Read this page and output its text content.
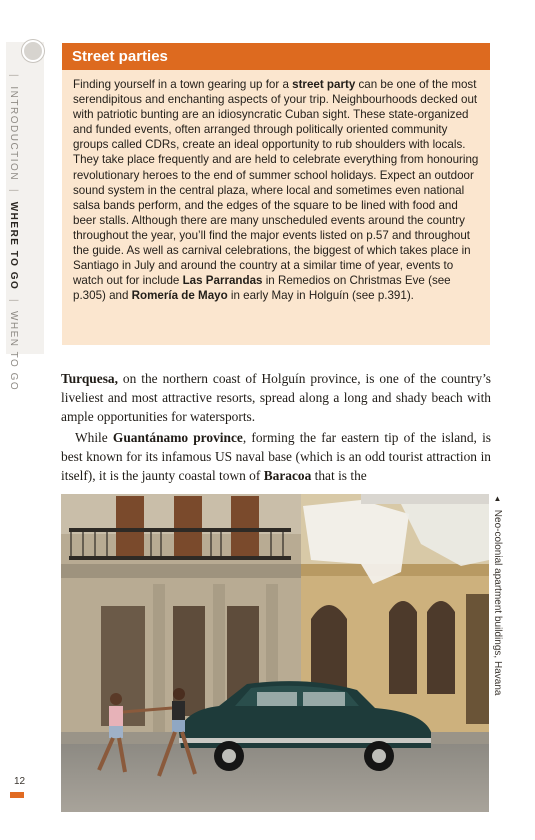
| INTRODUCTION | WHERE TO GO | WHEN TO GO
12
Street parties

Finding yourself in a town gearing up for a street party can be one of the most serendipitous and enchanting aspects of your trip. Neighbourhoods decked out with patriotic bunting are an idiosyncratic Cuban sight. These state-organized and funded events, often arranged through politically oriented community groups called CDRs, create an ideal opportunity to rub shoulders with locals. They take place frequently and are held to celebrate everything from honouring revolutionary heroes to the end of summer school holidays. Expect an outdoor sound system in the central plaza, where local and sometimes even national salsa bands perform, and the edges of the square to be lined with food and beer stalls. Although there are many unscheduled events around the country throughout the year, you’ll find the major events listed on p.57 and throughout the guide. As well as carnival celebrations, the biggest of which takes place in Santiago in July and around the country at a similar time of year, events to watch out for include Las Parrandas in Remedios on Christmas Eve (see p.305) and Romería de Mayo in early May in Holguín (see p.391).

Turquesa, on the northern coast of Holguín province, is one of the country’s liveliest and most attractive resorts, spread along a long and shady beach with ample opportunities for watersports.

While Guantánamo province, forming the far eastern tip of the island, is best known for its infamous US naval base (which is an odd tourist attraction in itself), it is the jaunty coastal town of Baracoa that is the

▲ Neo-colonial apartment buildings, Havana
